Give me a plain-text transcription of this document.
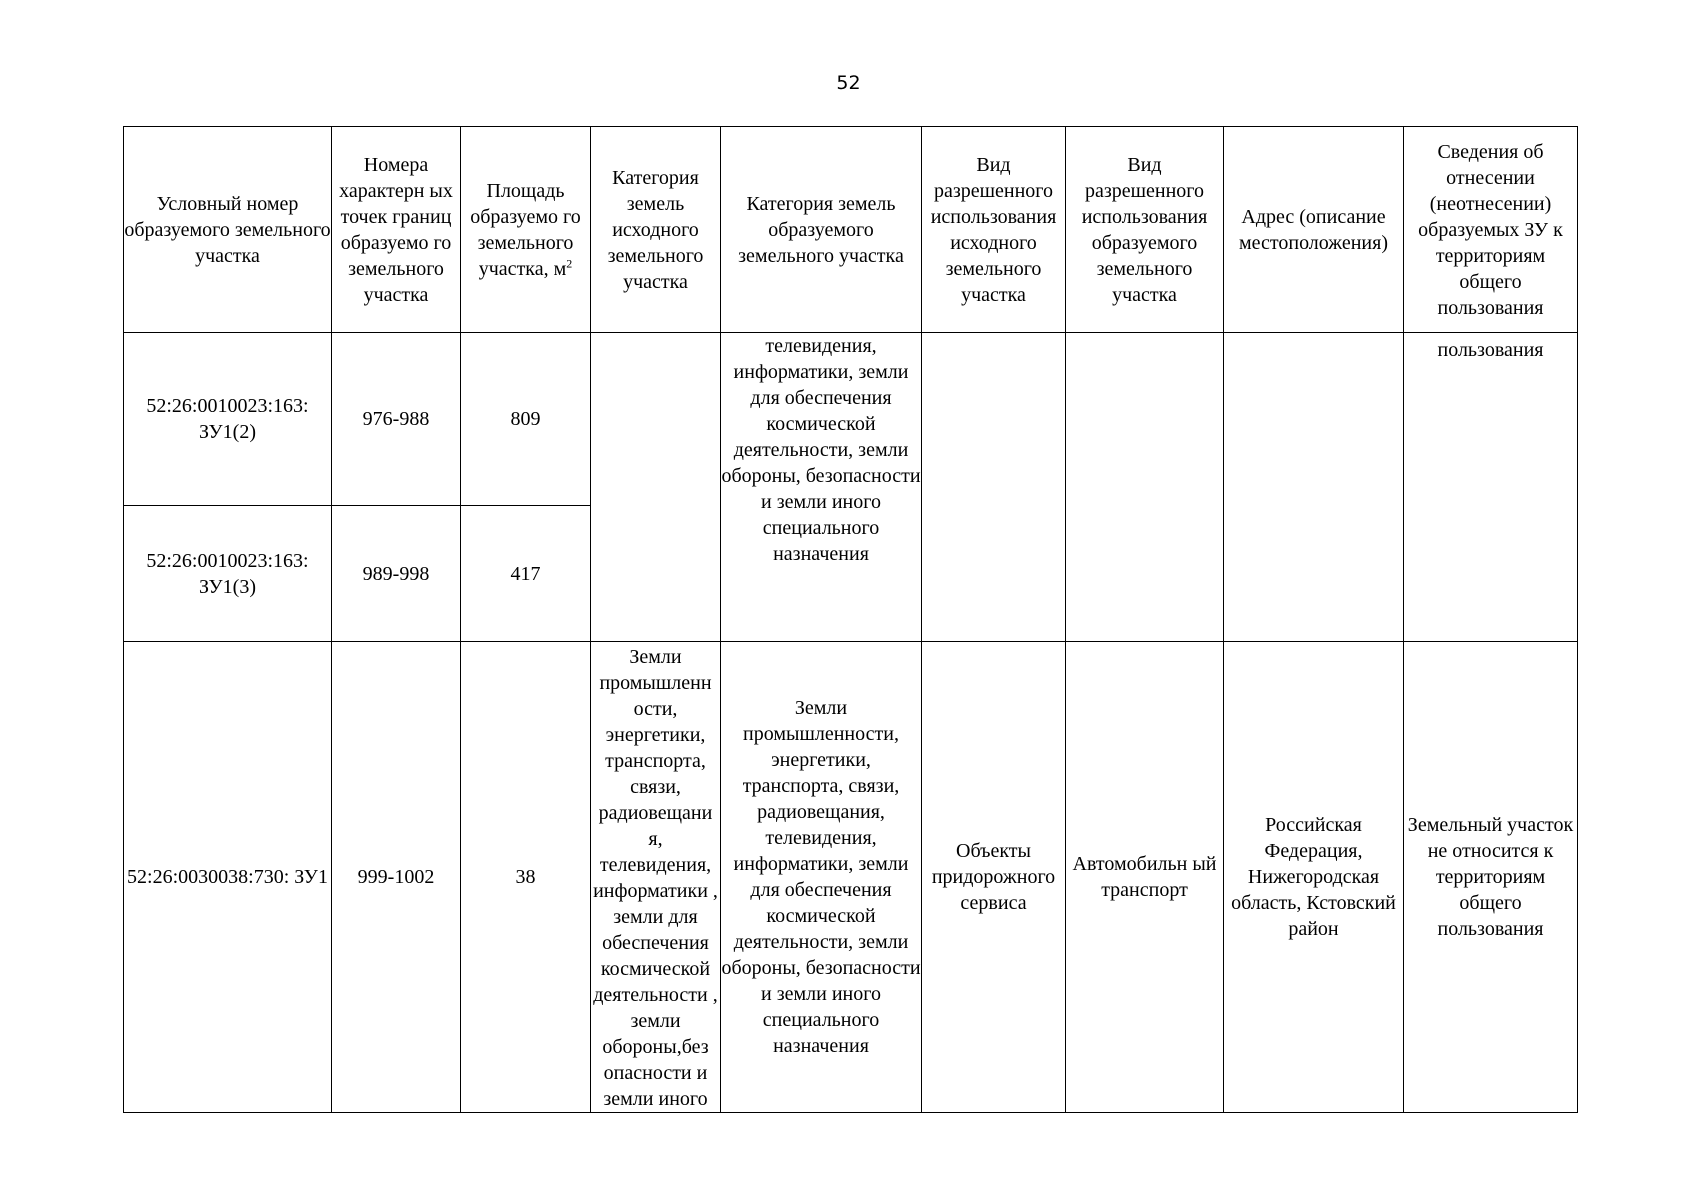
52
Условный номер образуемого земельного участка	Номера характерн ых точек границ образуемо го земельного участка	Площадь образуемо го земельного участка, $м^2$	Категория земель исходного земельного участка	Категория земель образуемого земельного участка	Вид разрешенного использования исходного земельного участка	Вид разрешенного использования образуемого земельного участка	Адрес (описание местоположения)	Сведения об отнесении (неотнесении) образуемых ЗУ к территориям общего пользования
52:26:0010023:163: ЗУ1(2)	976-988	809		телевидения, информатики, земли для обеспечения космической деятельности, земли обороны, безопасности и земли иного специального назначения				пользования
52:26:0010023:163: ЗУ1(3)	989-998	417						
52:26:0030038:730: ЗУ1	999-1002	38	Земли промышленн ости, энергетики, транспорта, связи, радиовещани я, телевидения, информатики , земли для обеспечения космической деятельности , земли обороны,без опасности и земли иного	Земли промышленности, энергетики, транспорта, связи, радиовещания, телевидения, информатики, земли для обеспечения космической деятельности, земли обороны, безопасности и земли иного специального назначения	Объекты придорожного сервиса	Автомобильн ый транспорт	Российская Федерация, Нижегородская область, Кстовский район	Земельный участок не относится к территориям общего пользования
